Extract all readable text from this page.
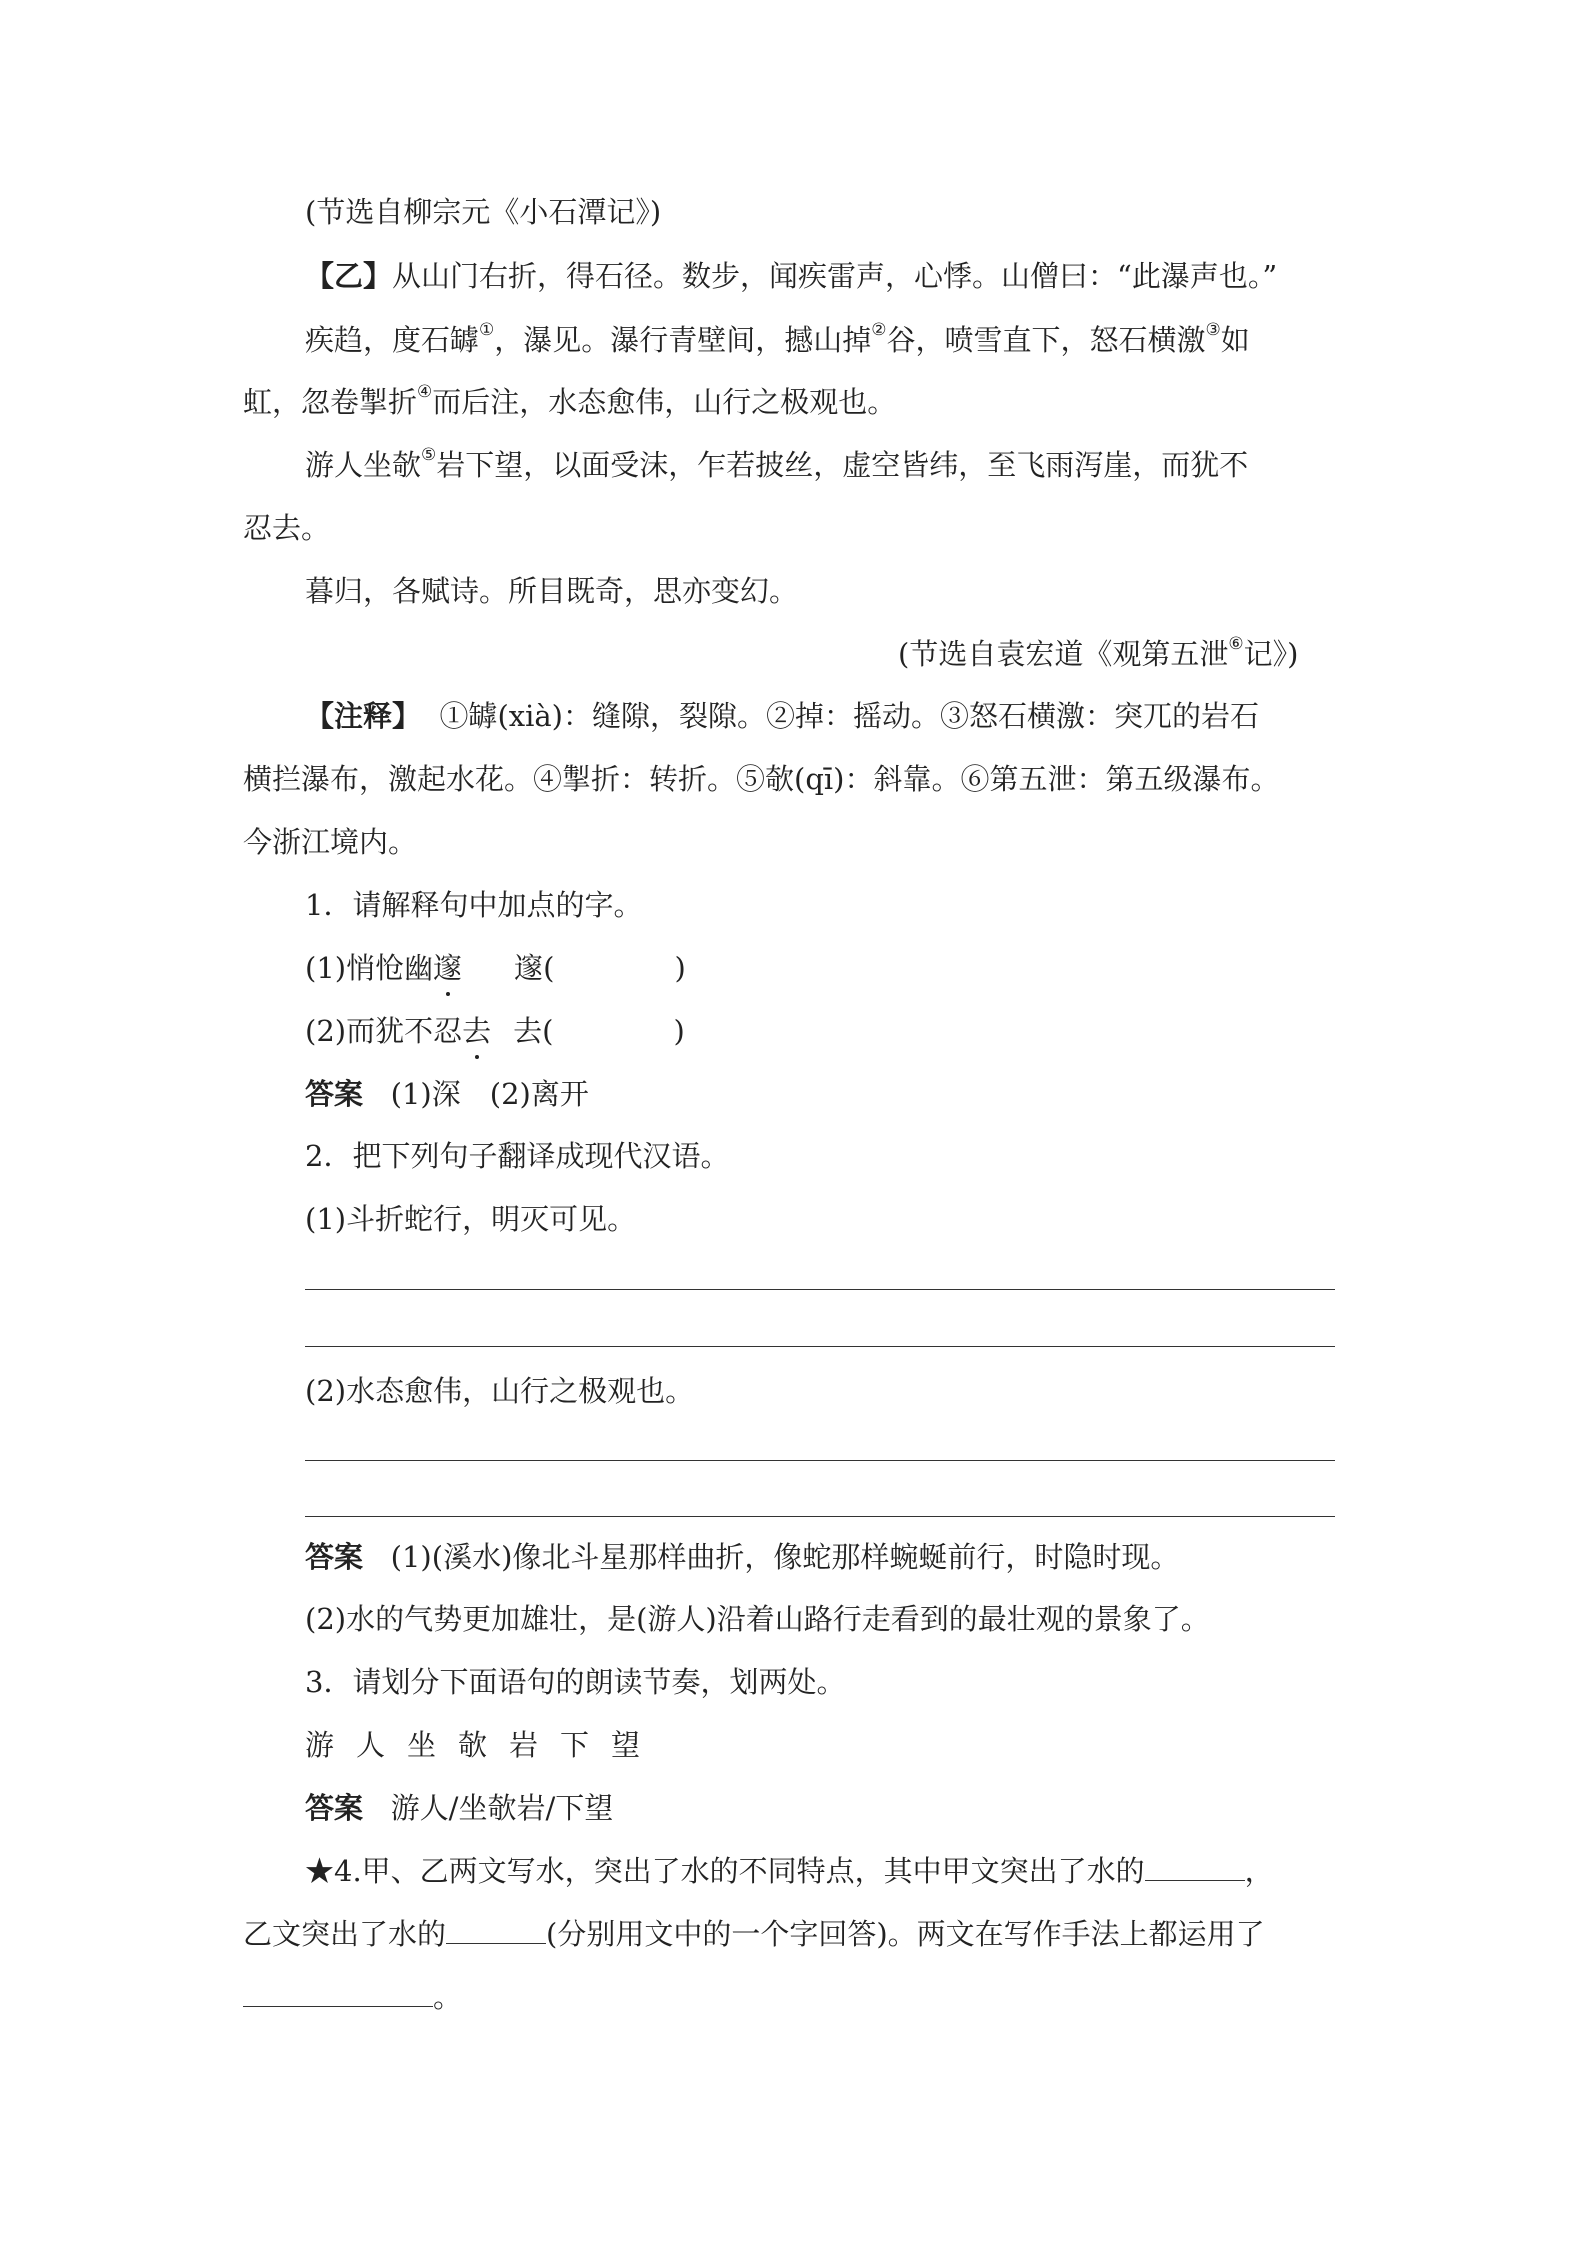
(节选自柳宗元《小石潭记》)
【乙】从山门右折，得石径。数步，闻疾雷声，心悸。山僧曰：“此瀑声也。”
疾趋，度石罅①，瀑见。瀑行青壁间，撼山掉②谷，喷雪直下，怒石横激③如
虹，忽卷掣折④而后注，水态愈伟，山行之极观也。
游人坐欹⑤岩下望，以面受沫，乍若披丝，虚空皆纬，至飞雨泻崖，而犹不
忍去。
暮归，各赋诗。所目既奇，思亦变幻。
(节选自袁宏道《观第五泄⑥记》)
【注释】 ①罅(xià)：缝隙，裂隙。②掉：摇动。③怒石横激：突兀的岩石
横拦瀑布，激起水花。④掣折：转折。⑤欹(qī)：斜靠。⑥第五泄：第五级瀑布。
今浙江境内。
1．请解释句中加点的字。
(1)悄怆幽邃 邃(	)
(2)而犹不忍去 去(	)
答案 (1)深　(2)离开
2．把下列句子翻译成现代汉语。
(1)斗折蛇行，明灭可见。
(2)水态愈伟，山行之极观也。
答案 (1)(溪水)像北斗星那样曲折，像蛇那样蜿蜒前行，时隐时现。
(2)水的气势更加雄壮，是(游人)沿着山路行走看到的最壮观的景象了。
3．请划分下面语句的朗读节奏，划两处。
游人坐欹岩下望
答案 游人/坐欹岩/下望
★4.甲、乙两文写水，突出了水的不同特点，其中甲文突出了水的	，
乙文突出了水的	(分别用文中的一个字回答)。两文在写作手法上都运用了
。
